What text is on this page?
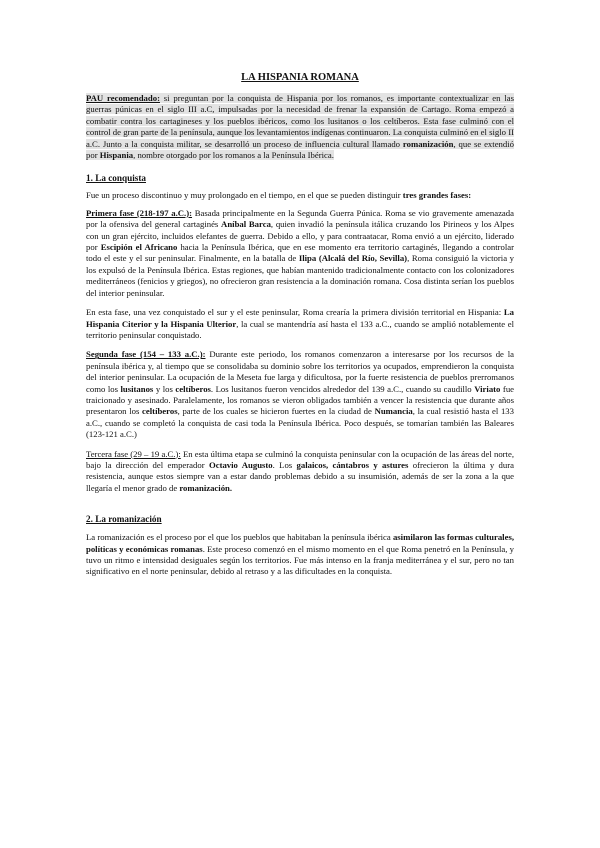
LA HISPANIA ROMANA

PAU recomendado: si preguntan por la conquista de Hispania por los romanos, es importante contextualizar en las guerras púnicas en el siglo III a.C, impulsadas por la necesidad de frenar la expansión de Cartago. Roma empezó a combatir contra los cartagineses y los pueblos ibéricos, como los lusitanos o los celtíberos. Esta fase culminó con el control de gran parte de la península, aunque los levantamientos indígenas continuaron. La conquista culminó en el siglo II a.C. Junto a la conquista militar, se desarrolló un proceso de influencia cultural llamado romanización, que se extendió por Hispania, nombre otorgado por los romanos a la Península Ibérica.

1. La conquista

Fue un proceso discontinuo y muy prolongado en el tiempo, en el que se pueden distinguir tres grandes fases:

Primera fase (218-197 a.C.): Basada principalmente en la Segunda Guerra Púnica. Roma se vio gravemente amenazada por la ofensiva del general cartaginés Aníbal Barca, quien invadió la península itálica cruzando los Pirineos y los Alpes con un gran ejército, incluidos elefantes de guerra. Debido a ello, y para contraatacar, Roma envió a un ejército, liderado por Escipión el Africano hacia la Península Ibérica, que en ese momento era territorio cartaginés, llegando a controlar todo el este y el sur peninsular. Finalmente, en la batalla de Ilipa (Alcalá del Río, Sevilla), Roma consiguió la victoria y los expulsó de la Península Ibérica. Estas regiones, que habían mantenido tradicionalmente contacto con los colonizadores mediterráneos (fenicios y griegos), no ofrecieron gran resistencia a la dominación romana. Cosa distinta serían los pueblos del interior peninsular.

En esta fase, una vez conquistado el sur y el este peninsular, Roma crearía la primera división territorial en Hispania: La Hispania Citerior y la Hispania Ulterior, la cual se mantendría así hasta el 133 a.C., cuando se amplió notablemente el territorio peninsular conquistado.

Segunda fase (154 – 133 a.C.): Durante este periodo, los romanos comenzaron a interesarse por los recursos de la península ibérica y, al tiempo que se consolidaba su dominio sobre los territorios ya ocupados, emprendieron la conquista del interior peninsular. La ocupación de la Meseta fue larga y dificultosa, por la fuerte resistencia de pueblos prerromanos como los lusitanos y los celtíberos. Los lusitanos fueron vencidos alrededor del 139 a.C., cuando su caudillo Viriato fue traicionado y asesinado. Paralelamente, los romanos se vieron obligados también a vencer la resistencia que durante años presentaron los celtíberos, parte de los cuales se hicieron fuertes en la ciudad de Numancia, la cual resistió hasta el 133 a.C., cuando se completó la conquista de casi toda la Península Ibérica. Poco después, se tomarían también las Baleares (123-121 a.C.)

Tercera fase (29 – 19 a.C.): En esta última etapa se culminó la conquista peninsular con la ocupación de las áreas del norte, bajo la dirección del emperador Octavio Augusto. Los galaicos, cántabros y astures ofrecieron la última y dura resistencia, aunque estos siempre van a estar dando problemas debido a su insumisión, además de ser la zona a la que llegaría el menor grado de romanización.

2. La romanización

La romanización es el proceso por el que los pueblos que habitaban la península ibérica asimilaron las formas culturales, políticas y económicas romanas. Este proceso comenzó en el mismo momento en el que Roma penetró en la Península, y tuvo un ritmo e intensidad desiguales según los territorios. Fue más intenso en la franja mediterránea y el sur, pero no tan significativo en el norte peninsular, debido al retraso y a las dificultades en la conquista.
